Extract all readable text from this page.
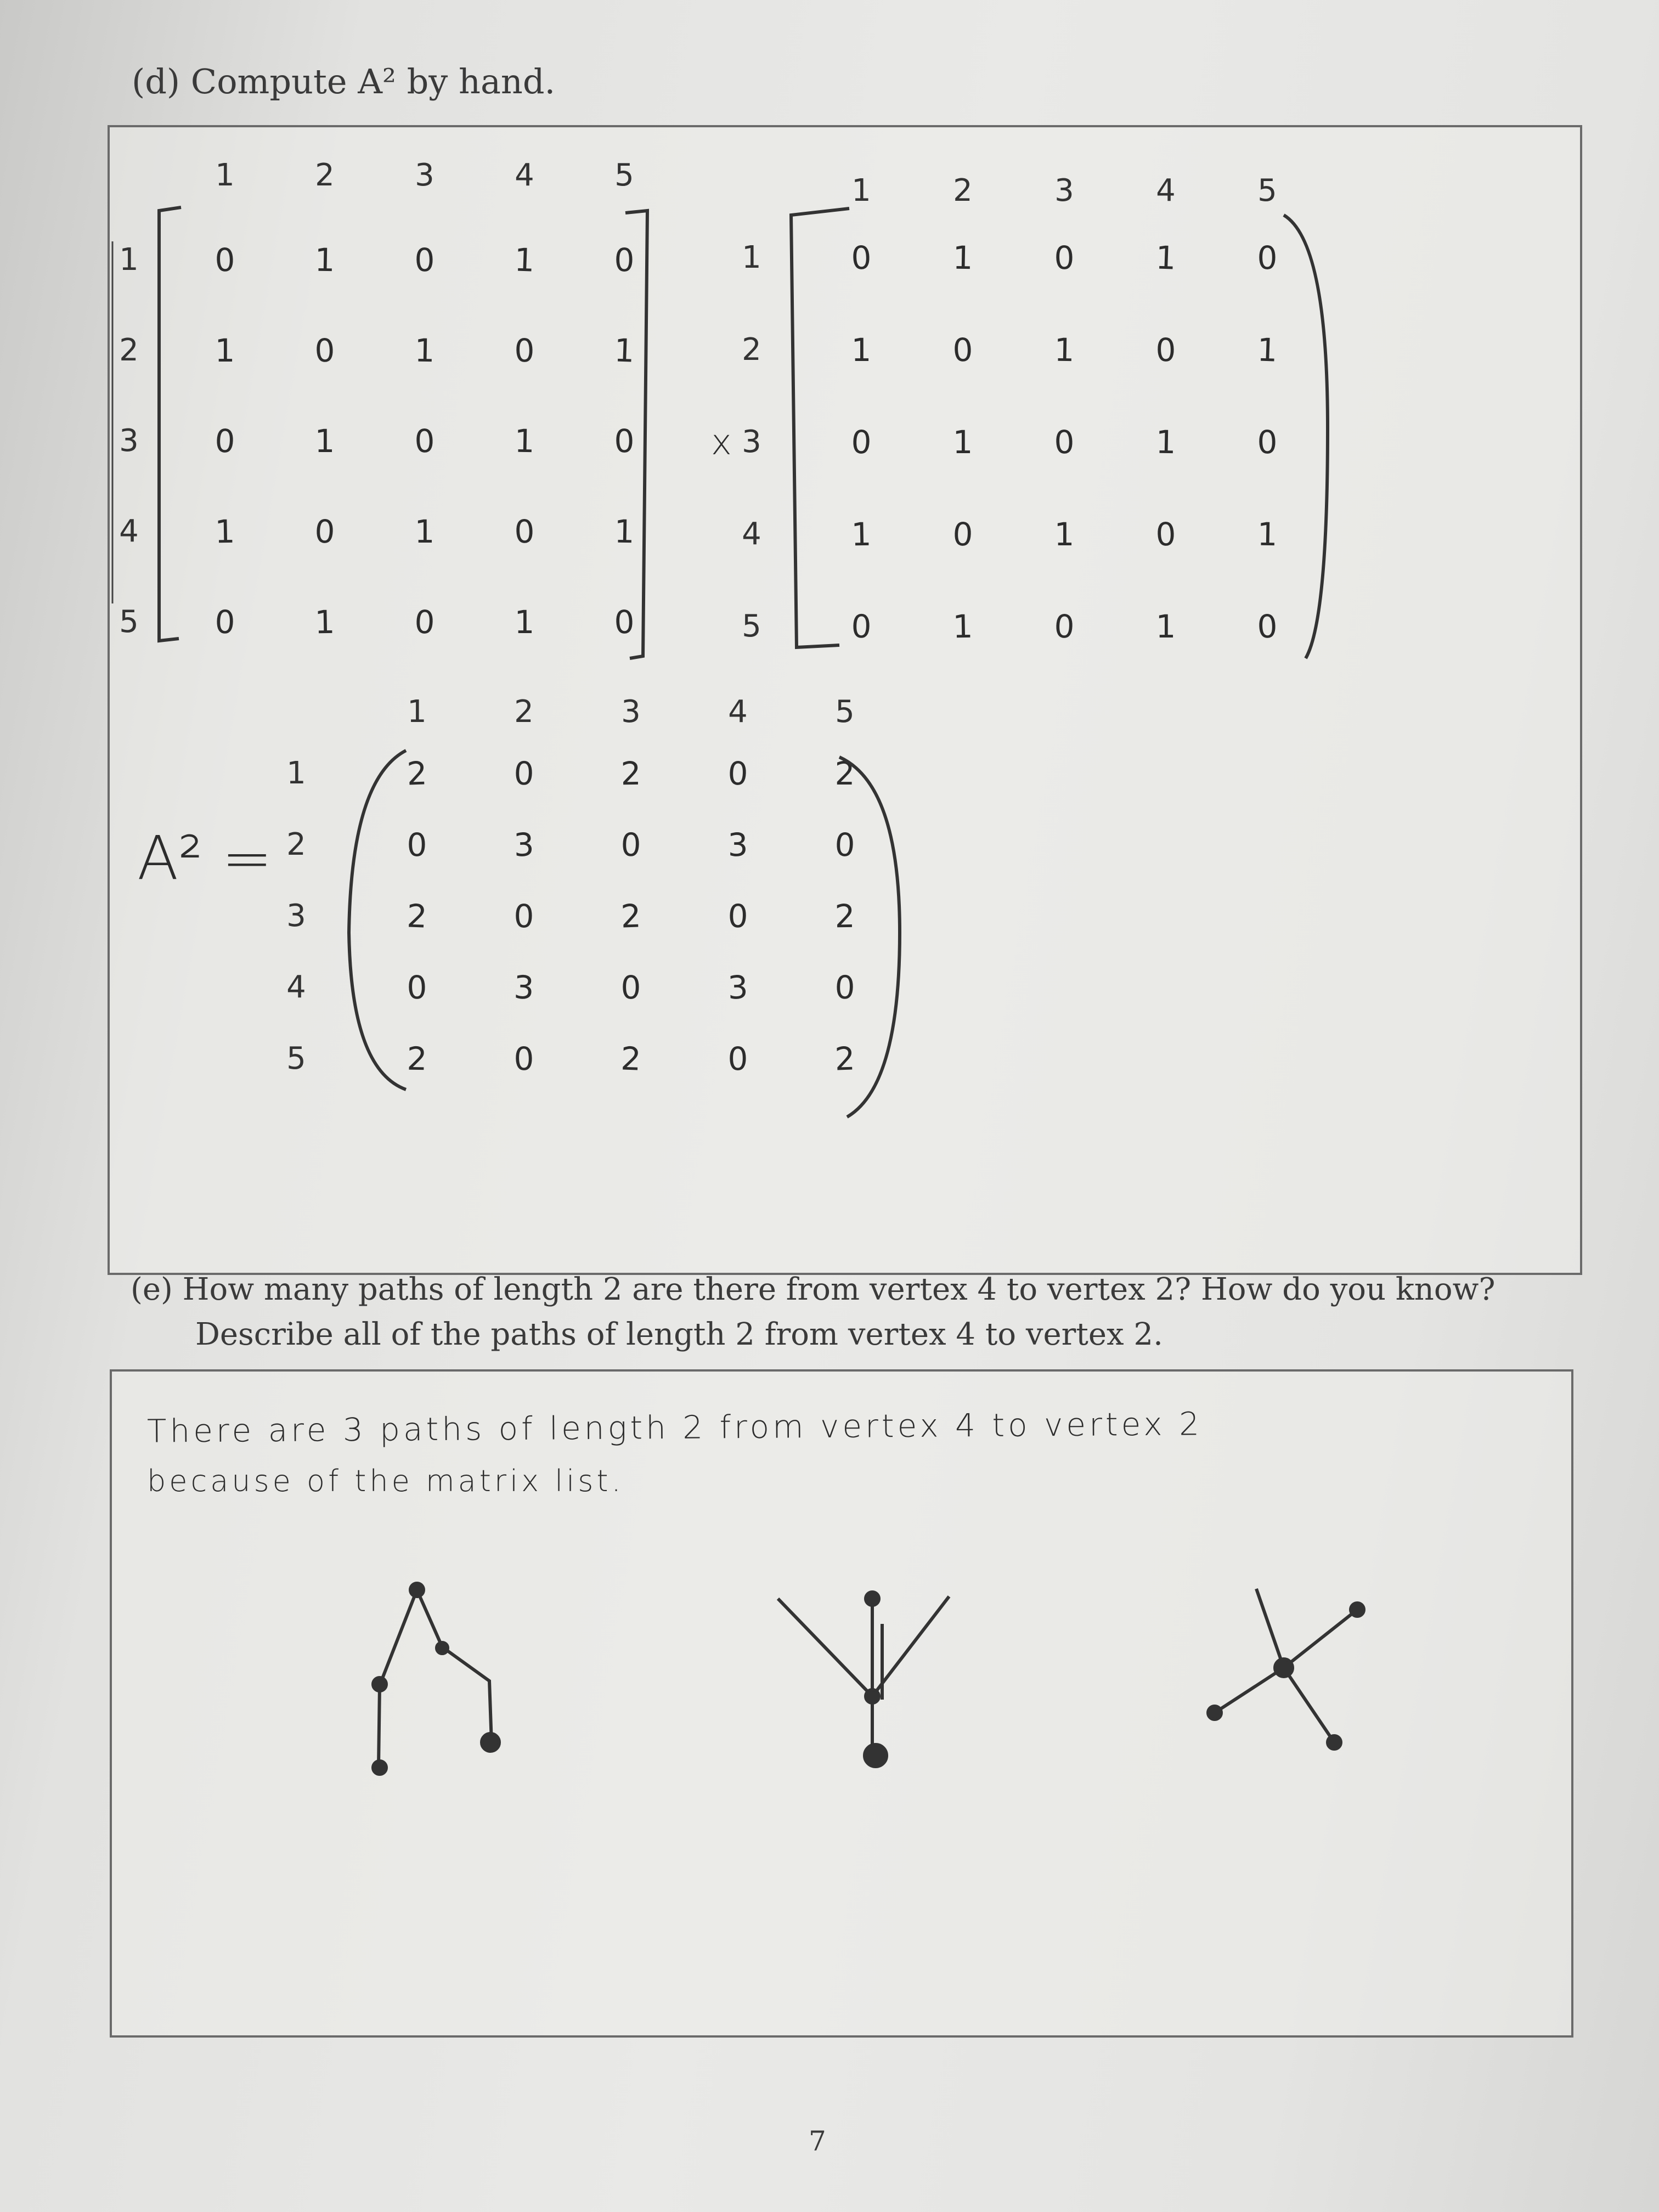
(d) Compute A² by hand.
1	2	3	4	5
1
2
3
4
5
0 1 0 1 0
1 0 1 0 1
0 1 0 1 0
1 0 1 0 1
0 1 0 1 0
1	2	3	4	5
1
2
3
4
5
0	1	0	1	0
1	0	1	0	1
0	1	0	1	0
1	0	1	0	1
0	1	0	1	0
x
A² =
1	2	3	4	5
1
2
3
4
5
2	0	2	0	2
0	3	0	3	0
2	0	2	0	2
0	3	0	3	0
2	0	2	0	2
(e) How many paths of length 2 are there from vertex 4 to vertex 2? How do you know?
Describe all of the paths of length 2 from vertex 4 to vertex 2.
There are 3 paths of length 2 from vertex 4 to vertex 2
because of the matrix list.
7
